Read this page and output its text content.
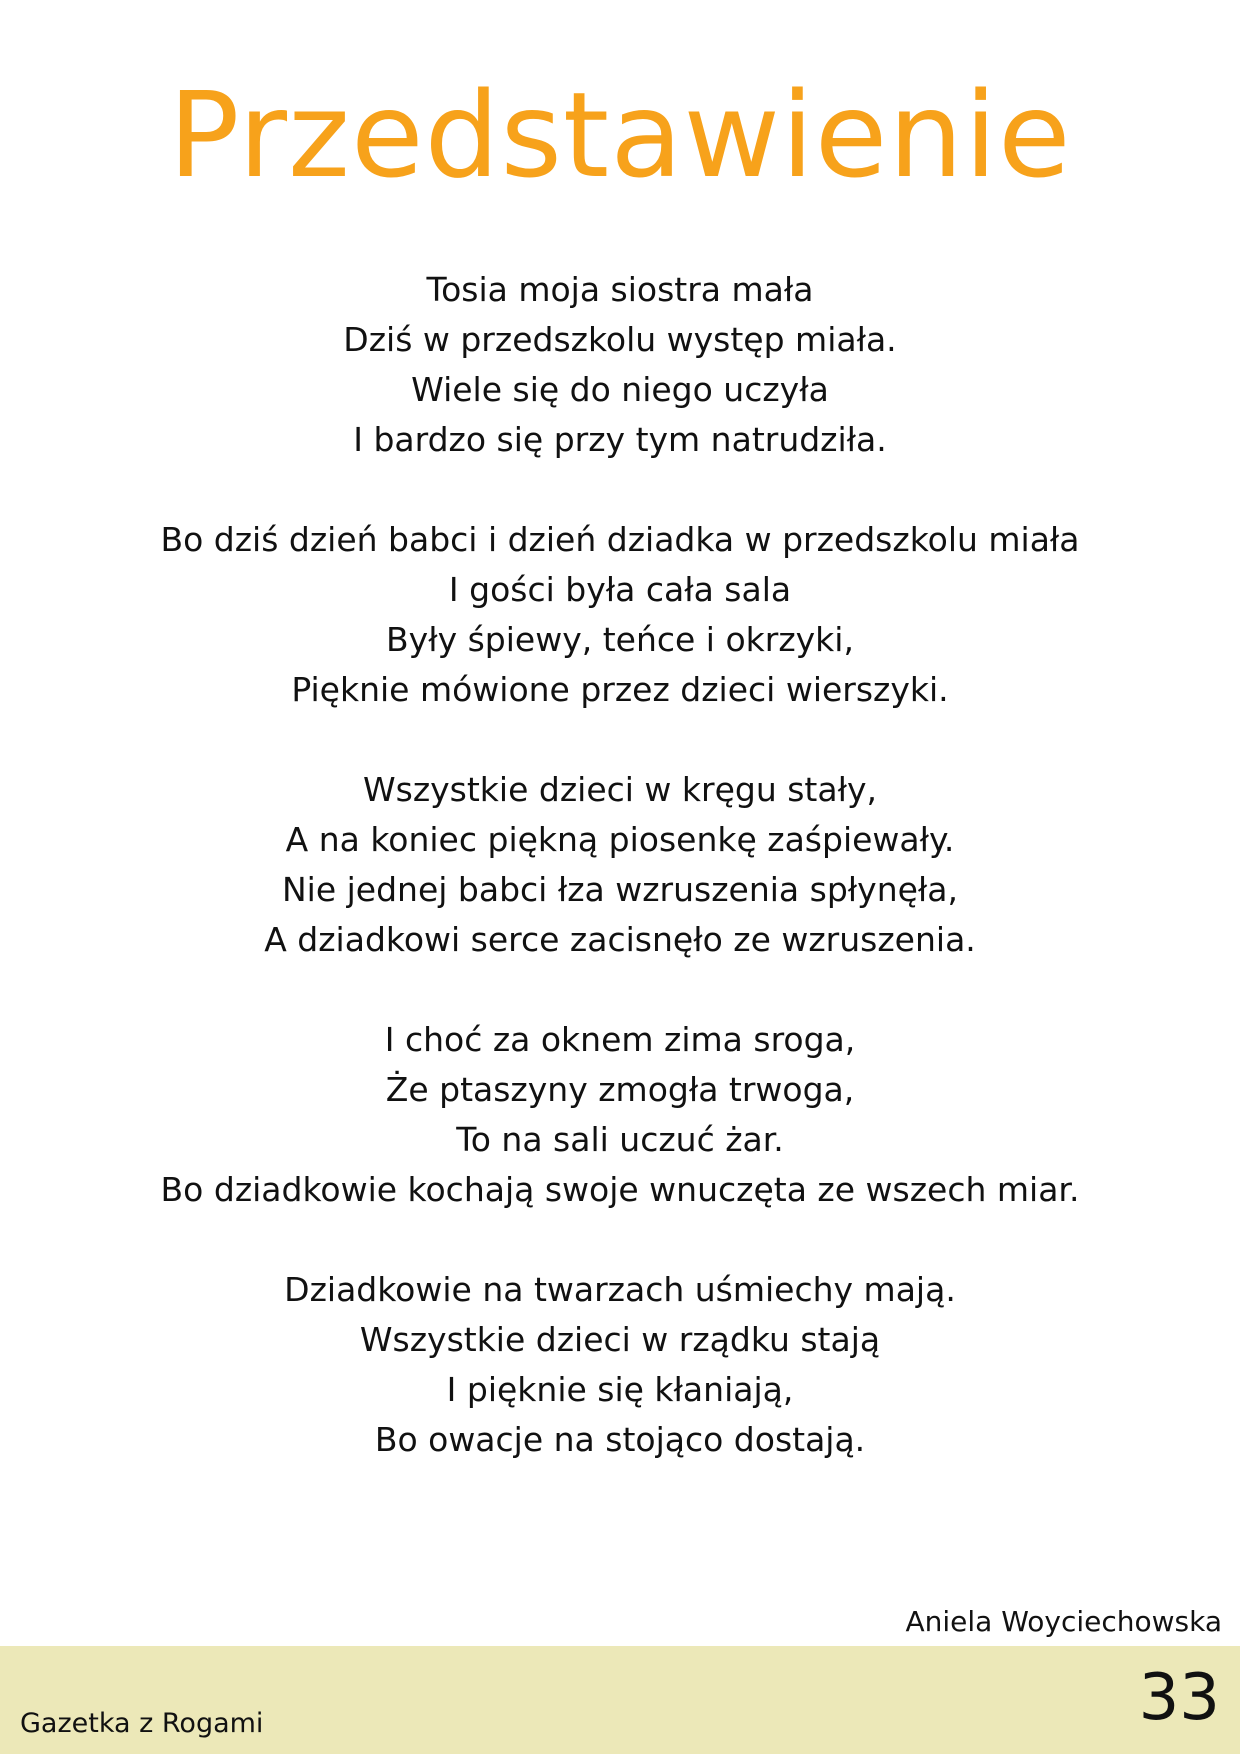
Przedstawienie
Tosia moja siostra mała
Dziś w przedszkolu występ miała.
Wiele się do niego uczyła
I bardzo się przy tym natrudziła.
Bo dziś dzień babci i dzień dziadka w przedszkolu miała
I gości była cała sala
Były śpiewy, teńce i okrzyki,
Pięknie mówione przez dzieci wierszyki.
Wszystkie dzieci w kręgu stały,
A na koniec piękną piosenkę zaśpiewały.
Nie jednej babci łza wzruszenia spłynęła,
A dziadkowi serce zacisnęło ze wzruszenia.
I choć za oknem zima sroga,
Że ptaszyny zmogła trwoga,
To na sali uczuć żar.
Bo dziadkowie kochają swoje wnuczęta ze wszech miar.
Dziadkowie na twarzach uśmiechy mają.
Wszystkie dzieci w rządku stają
I pięknie się kłaniają,
Bo owacje na stojąco dostają.
Aniela Woyciechowska
Gazetka z Rogami	33
